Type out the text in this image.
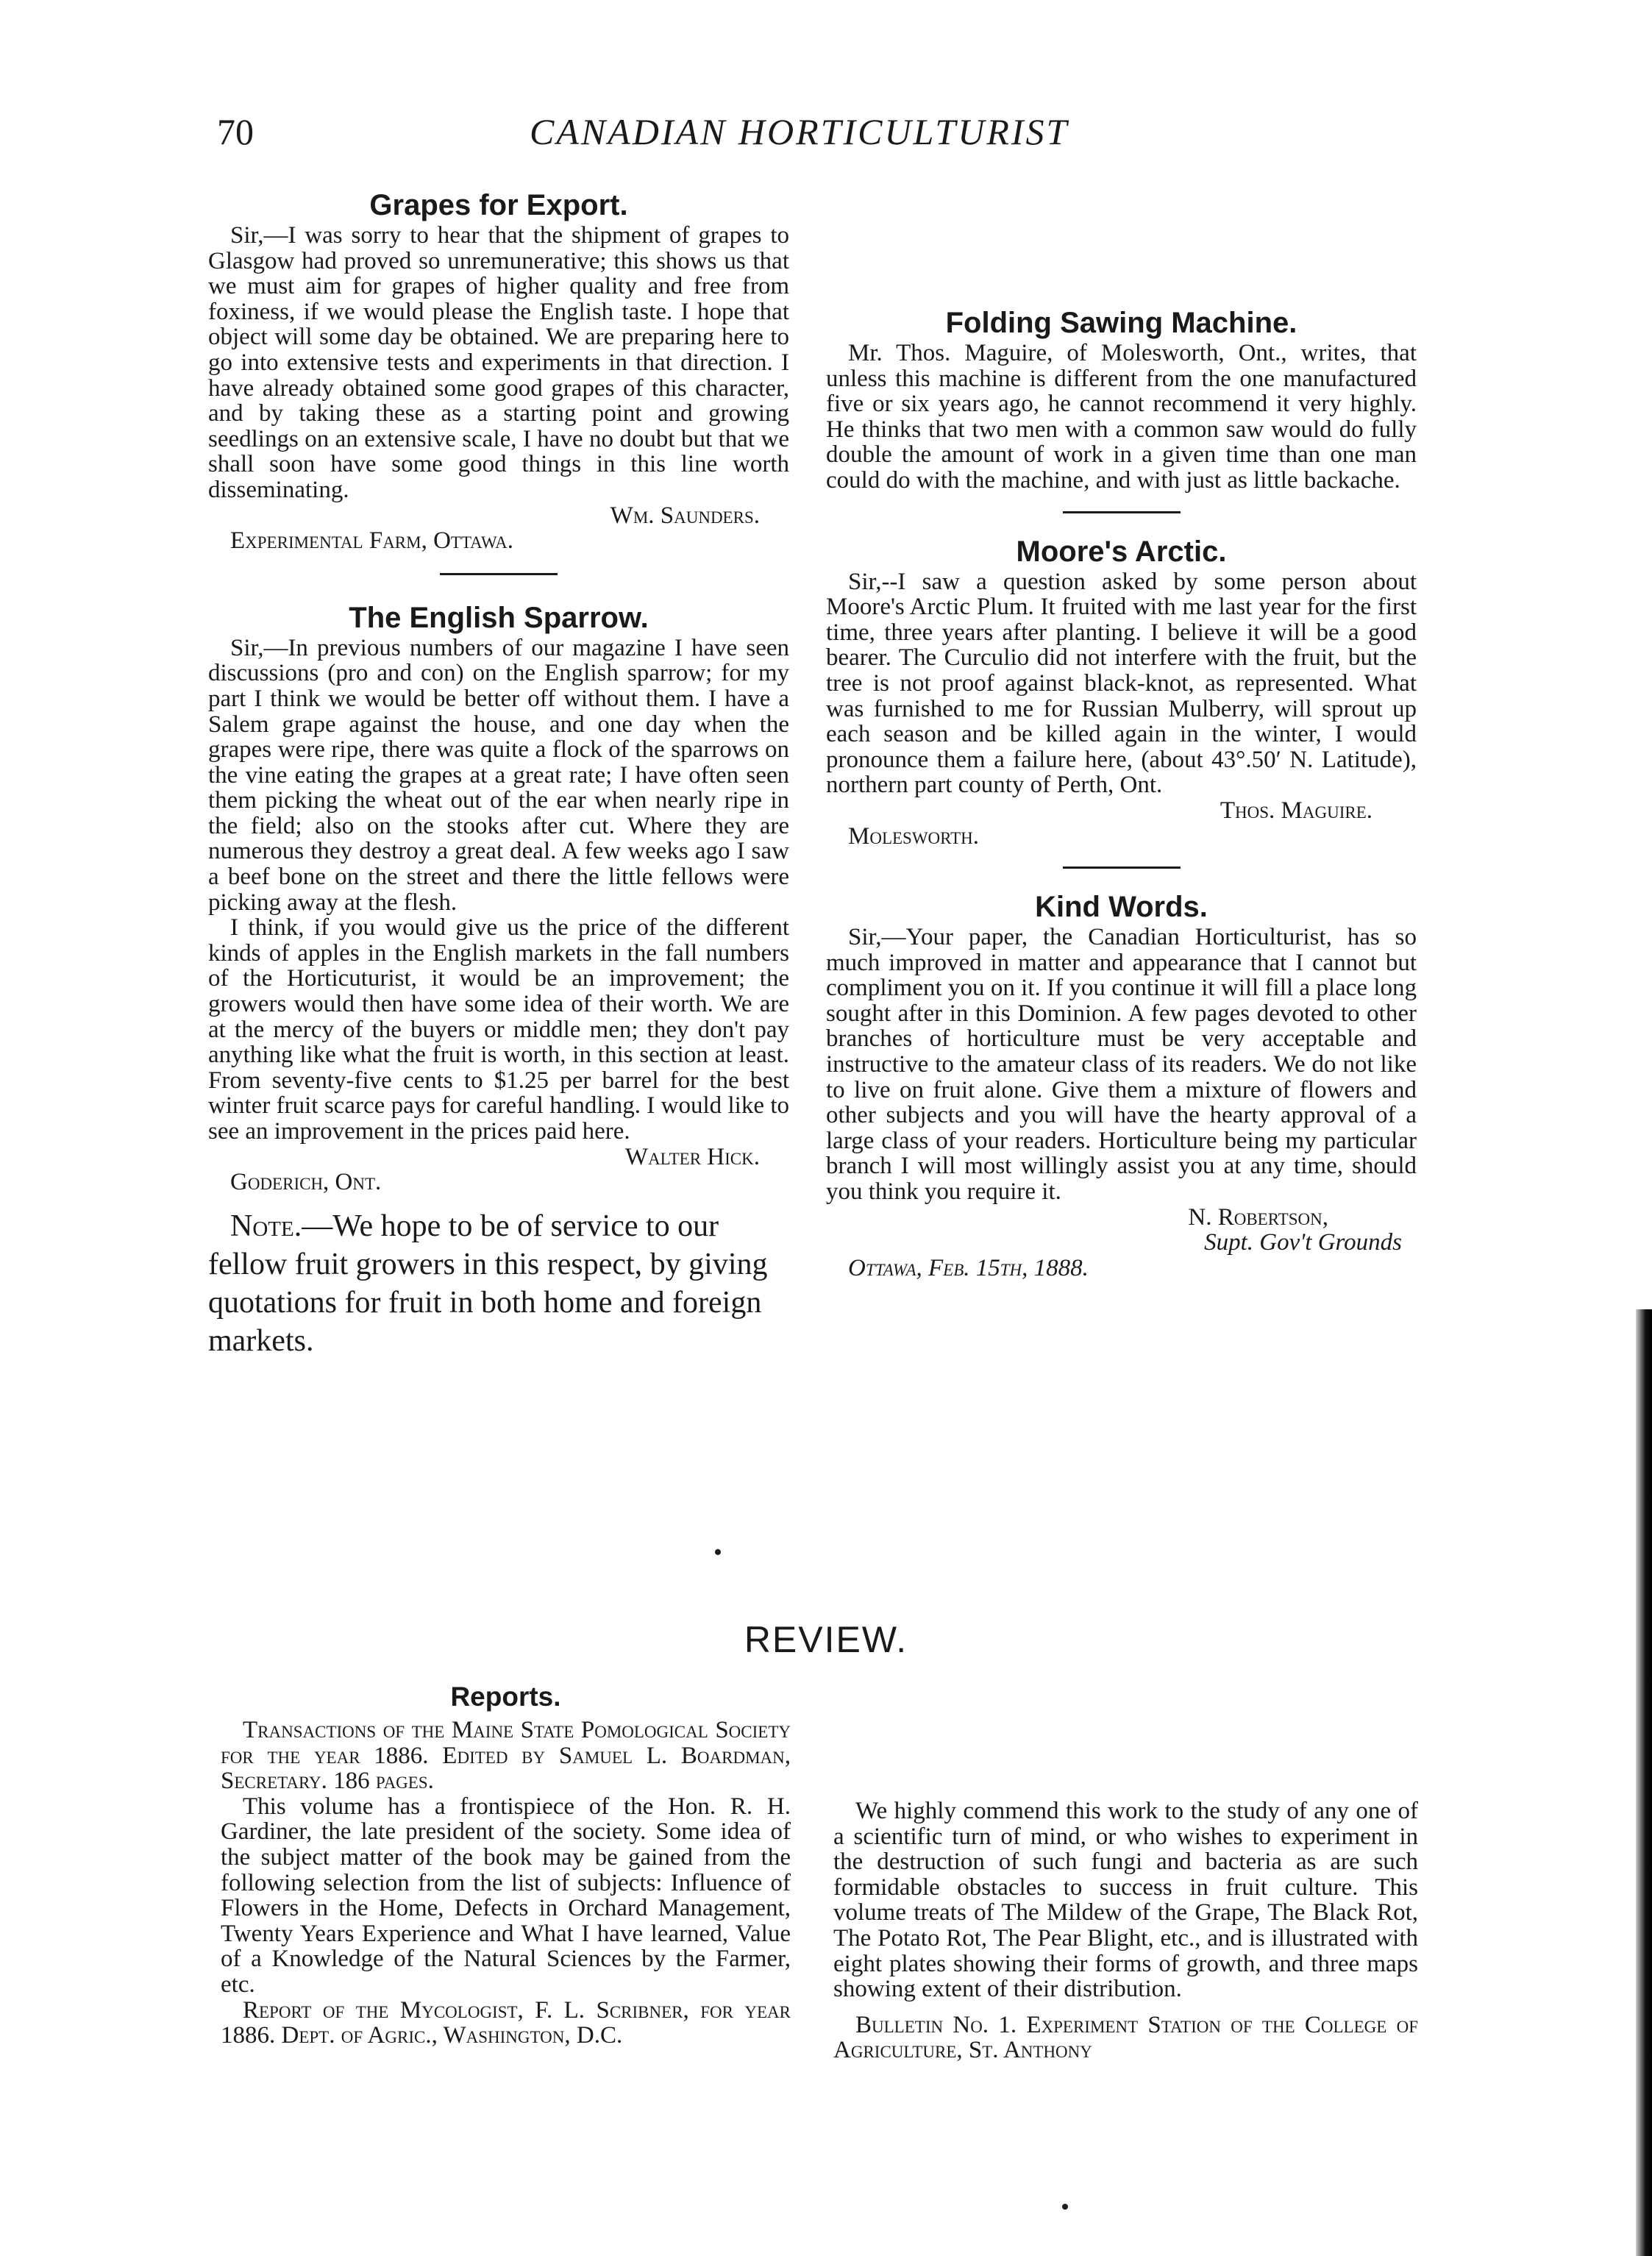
70	CANADIAN HORTICULTURIST
Grapes for Export.

Sir,—I was sorry to hear that the shipment of grapes to Glasgow had proved so unremunerative; this shows us that we must aim for grapes of higher quality and free from foxiness, if we would please the English taste. I hope that object will some day be obtained. We are preparing here to go into extensive tests and experiments in that direction. I have already obtained some good grapes of this character, and by taking these as a starting point and growing seedlings on an extensive scale, I have no doubt but that we shall soon have some good things in this line worth disseminating.

Wm. Saunders.

Experimental Farm, Ottawa.

The English Sparrow.

Sir,—In previous numbers of our magazine I have seen discussions (pro and con) on the English sparrow; for my part I think we would be better off without them. I have a Salem grape against the house, and one day when the grapes were ripe, there was quite a flock of the sparrows on the vine eating the grapes at a great rate; I have often seen them picking the wheat out of the ear when nearly ripe in the field; also on the stooks after cut. Where they are numerous they destroy a great deal. A few weeks ago I saw a beef bone on the street and there the little fellows were picking away at the flesh.

I think, if you would give us the price of the different kinds of apples in the English markets in the fall numbers of the Horticuturist, it would be an improvement; the growers would then have some idea of their worth. We are at the mercy of the buyers or middle men; they don't pay anything like what the fruit is worth, in this section at least. From seventy-five cents to $1.25 per barrel for the best winter fruit scarce pays for careful handling. I would like to see an improvement in the prices paid here.

Walter Hick.

Goderich, Ont.

Note.—We hope to be of service to our fellow fruit growers in this respect, by giving quotations for fruit in both home and foreign markets.

Folding Sawing Machine.

Mr. Thos. Maguire, of Molesworth, Ont., writes, that unless this machine is different from the one manufactured five or six years ago, he cannot recommend it very highly. He thinks that two men with a common saw would do fully double the amount of work in a given time than one man could do with the machine, and with just as little backache.

Moore's Arctic.

Sir,--I saw a question asked by some person about Moore's Arctic Plum. It fruited with me last year for the first time, three years after planting. I believe it will be a good bearer. The Curculio did not interfere with the fruit, but the tree is not proof against black-knot, as represented. What was furnished to me for Russian Mulberry, will sprout up each season and be killed again in the winter, I would pronounce them a failure here, (about 43°.50′ N. Latitude), northern part county of Perth, Ont.

Thos. Maguire.

Molesworth.

Kind Words.

Sir,—Your paper, the Canadian Horticulturist, has so much improved in matter and appearance that I cannot but compliment you on it. If you continue it will fill a place long sought after in this Dominion. A few pages devoted to other branches of horticulture must be very acceptable and instructive to the amateur class of its readers. We do not like to live on fruit alone. Give them a mixture of flowers and other subjects and you will have the hearty approval of a large class of your readers. Horticulture being my particular branch I will most willingly assist you at any time, should you think you require it.

N. Robertson,

Supt. Gov't Grounds

Ottawa, Feb. 15th, 1888.

REVIEW.
Reports.

Transactions of the Maine State Pomological Society for the year 1886. Edited by Samuel L. Boardman, Secretary. 186 pages.

This volume has a frontispiece of the Hon. R. H. Gardiner, the late president of the society. Some idea of the subject matter of the book may be gained from the following selection from the list of subjects: Influence of Flowers in the Home, Defects in Orchard Management, Twenty Years Experience and What I have learned, Value of a Knowledge of the Natural Sciences by the Farmer, etc.

Report of the Mycologist, F. L. Scribner, for year 1886. Dept. of Agric., Washington, D.C.

We highly commend this work to the study of any one of a scientific turn of mind, or who wishes to experiment in the destruction of such fungi and bacteria as are such formidable obstacles to success in fruit culture. This volume treats of The Mildew of the Grape, The Black Rot, The Potato Rot, The Pear Blight, etc., and is illustrated with eight plates showing their forms of growth, and three maps showing extent of their distribution.

Bulletin No. 1. Experiment Station of the College of Agriculture, St. Anthony
